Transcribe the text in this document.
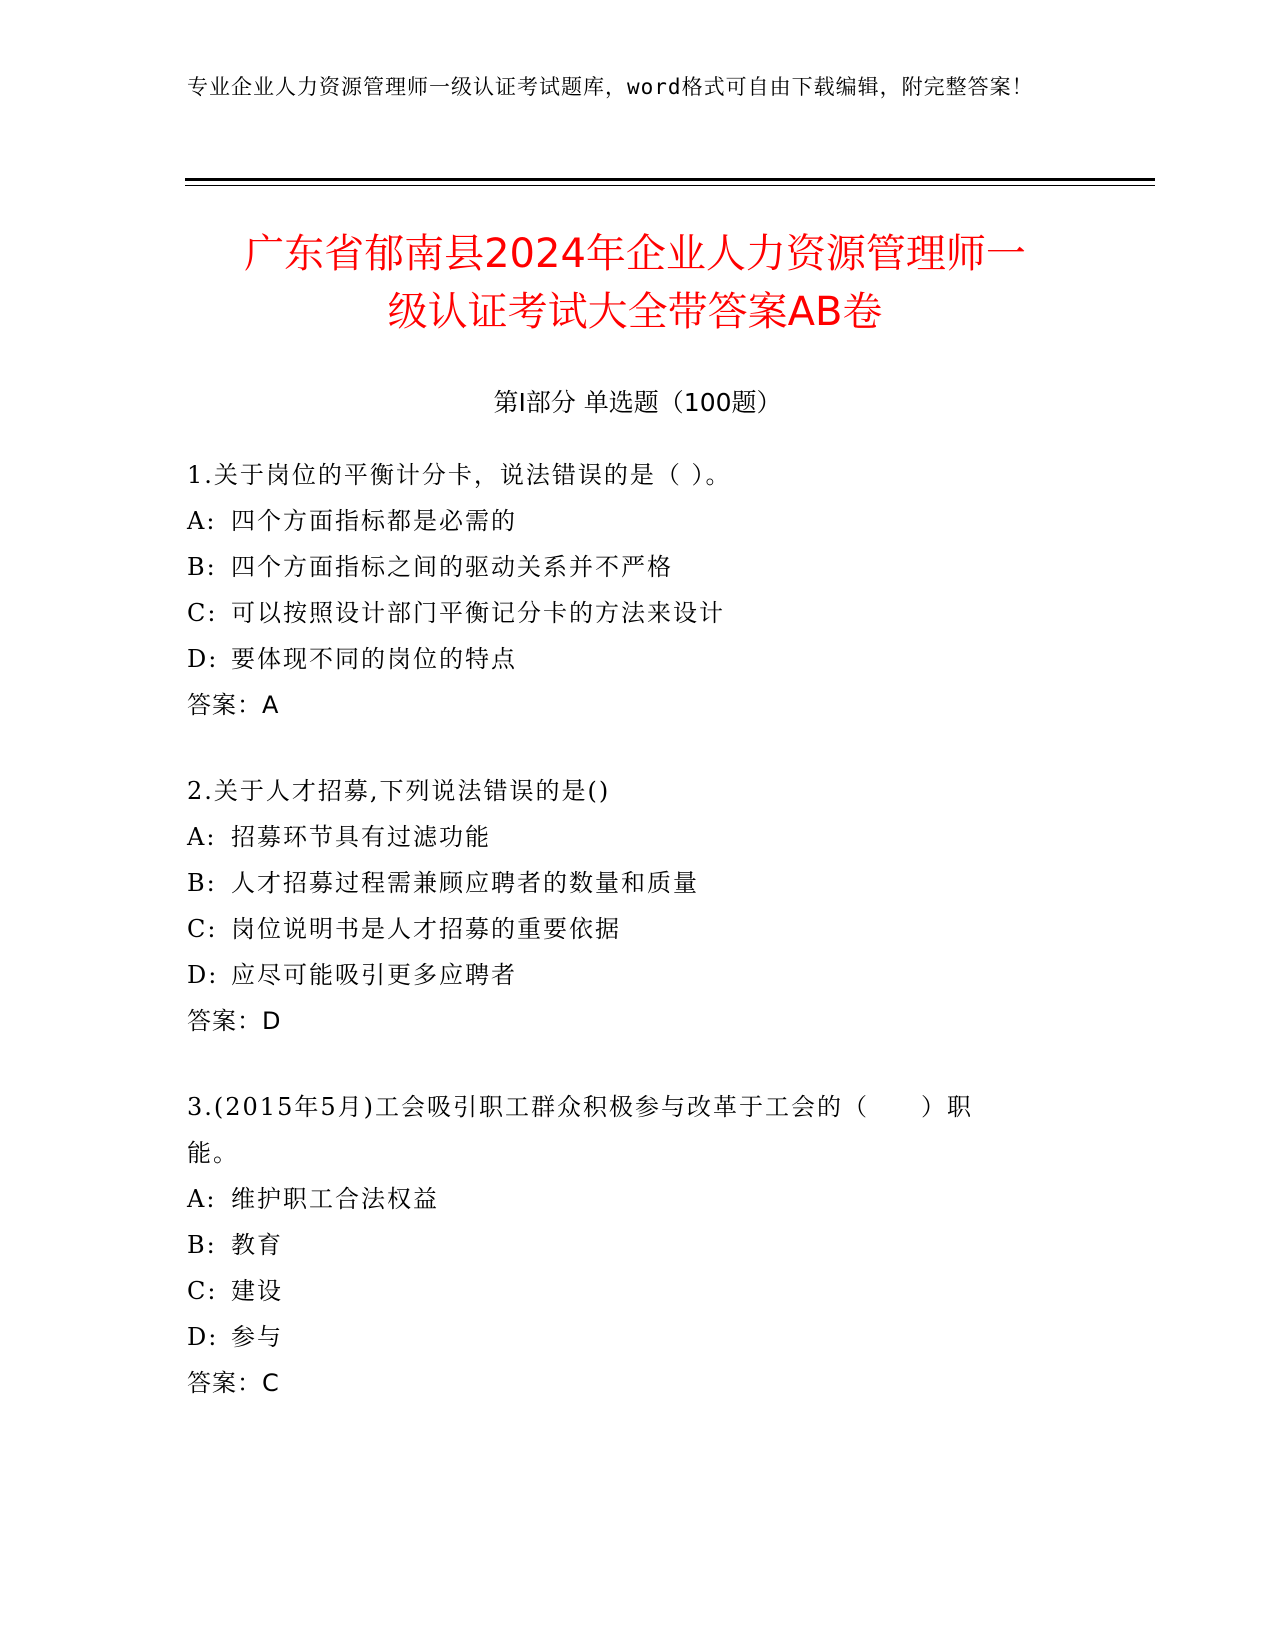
专业企业人力资源管理师一级认证考试题库，word格式可自由下载编辑，附完整答案！
广东省郁南县2024年企业人力资源管理师一
级认证考试大全带答案AB卷
第Ⅰ部分 单选题（100题）
1.关于岗位的平衡计分卡，说法错误的是（ ）。
A: 四个方面指标都是必需的
B: 四个方面指标之间的驱动关系并不严格
C: 可以按照设计部门平衡记分卡的方法来设计
D: 要体现不同的岗位的特点
答案：A
2.关于人才招募,下列说法错误的是()
A: 招募环节具有过滤功能
B: 人才招募过程需兼顾应聘者的数量和质量
C: 岗位说明书是人才招募的重要依据
D: 应尽可能吸引更多应聘者
答案：D
3.(2015年5月)工会吸引职工群众积极参与改革于工会的（　　）职
能。
A: 维护职工合法权益
B: 教育
C: 建设
D: 参与
答案：C
